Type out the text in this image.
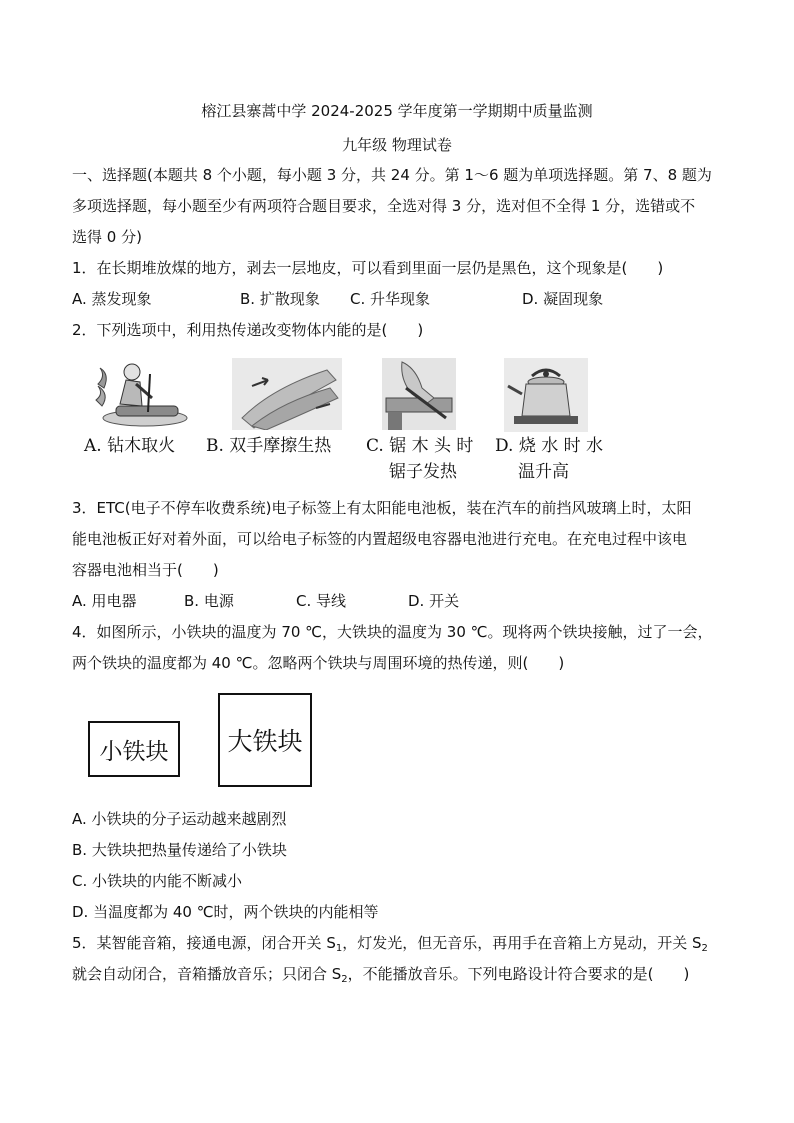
榕江县寨蒿中学 2024-2025 学年度第一学期期中质量监测
九年级 物理试卷
一、选择题(本题共 8 个小题，每小题 3 分，共 24 分。第 1～6 题为单项选择题。第 7、8 题为
多项选择题，每小题至少有两项符合题目要求，全选对得 3 分，选对但不全得 1 分，选错或不
选得 0 分)
1．在长期堆放煤的地方，剥去一层地皮，可以看到里面一层仍是黑色，这个现象是(　　)
A. 蒸发现象	B. 扩散现象 C. 升华现象	D. 凝固现象
2．下列选项中，利用热传递改变物体内能的是(　　)
A. 钻木取火 B. 双手摩擦生热 C. 锯 木 头 时
锯子发热
D. 烧 水 时 水
温升高
3．ETC(电子不停车收费系统)电子标签上有太阳能电池板，装在汽车的前挡风玻璃上时，太阳
能电池板正好对着外面，可以给电子标签的内置超级电容器电池进行充电。在充电过程中该电
容器电池相当于(　　)
A. 用电器	B. 电源	C. 导线	D. 开关
4．如图所示，小铁块的温度为 70 ℃，大铁块的温度为 30 ℃。现将两个铁块接触，过了一会，
两个铁块的温度都为 40 ℃。忽略两个铁块与周围环境的热传递，则(　　)
小铁块 大铁块
A. 小铁块的分子运动越来越剧烈
B. 大铁块把热量传递给了小铁块
C. 小铁块的内能不断减小
D. 当温度都为 40 ℃时，两个铁块的内能相等
5．某智能音箱，接通电源，闭合开关 $S_1$，灯发光，但无音乐，再用手在音箱上方晃动，开关 $S_2$
就会自动闭合，音箱播放音乐；只闭合 $S_2$，不能播放音乐。下列电路设计符合要求的是(　　)
